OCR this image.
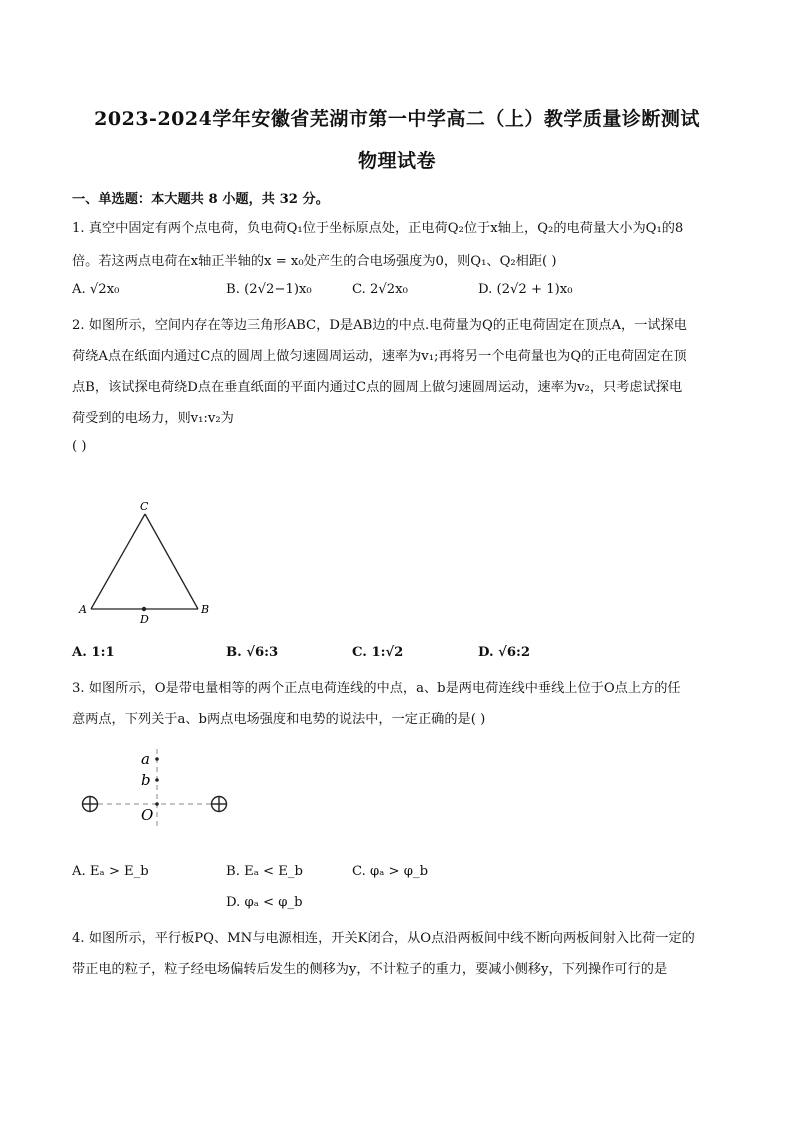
2023-2024学年安徽省芜湖市第一中学高二（上）教学质量诊断测试
物理试卷
一、单选题：本大题共 8 小题，共 32 分。
1. 真空中固定有两个点电荷，负电荷Q₁位于坐标原点处，正电荷Q₂位于x轴上，Q₂的电荷量大小为Q₁的8
倍。若这两点电荷在x轴正半轴的x = x₀处产生的合电场强度为0，则Q₁、Q₂相距( )
A. √2x₀	B. (2√2−1)x₀	C. 2√2x₀	D. (2√2 + 1)x₀
2. 如图所示，空间内存在等边三角形ABC，D是AB边的中点.电荷量为Q的正电荷固定在顶点A，一试探电
荷绕A点在纸面内通过C点的圆周上做匀速圆周运动，速率为v₁;再将另一个电荷量也为Q的正电荷固定在顶
点B，该试探电荷绕D点在垂直纸面的平面内通过C点的圆周上做匀速圆周运动，速率为v₂，只考虑试探电
荷受到的电场力，则v₁:v₂为
( )
C
A	B
D
A. 1:1	B. √6:3	C. 1:√2	D. √6:2
3. 如图所示，O是带电量相等的两个正点电荷连线的中点，a、b是两电荷连线中垂线上位于O点上方的任
意两点，下列关于a、b两点电场强度和电势的说法中，一定正确的是( )
a
b
O
A. Eₐ > E_b	B. Eₐ < E_b	C. φₐ > φ_b
D. φₐ < φ_b
4. 如图所示，平行板PQ、MN与电源相连，开关K闭合，从O点沿两板间中线不断向两板间射入比荷一定的
带正电的粒子，粒子经电场偏转后发生的侧移为y，不计粒子的重力，要减小侧移y，下列操作可行的是
